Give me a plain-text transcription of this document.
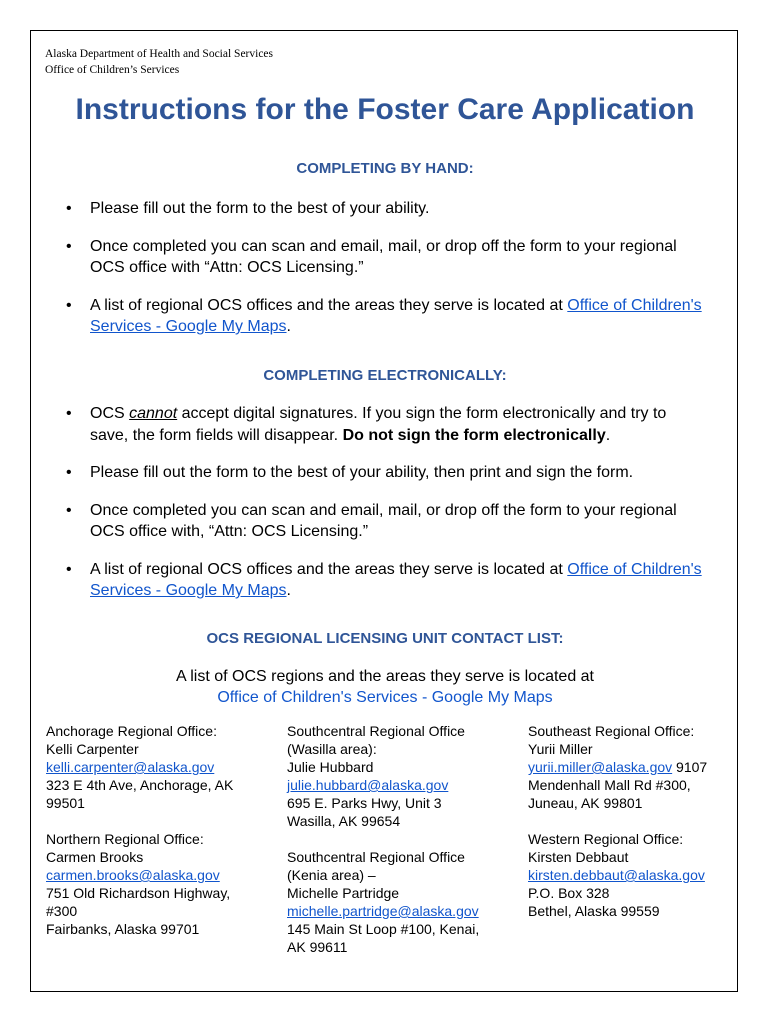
Alaska Department of Health and Social Services
Office of Children’s Services
Instructions for the Foster Care Application
COMPLETING BY HAND:
• Please fill out the form to the best of your ability.
• Once completed you can scan and email, mail, or drop off the form to your regional OCS office with “Attn: OCS Licensing.”
• A list of regional OCS offices and the areas they serve is located at Office of Children's Services - Google My Maps.
COMPLETING ELECTRONICALLY:
• OCS cannot accept digital signatures. If you sign the form electronically and try to save, the form fields will disappear. Do not sign the form electronically.
• Please fill out the form to the best of your ability, then print and sign the form.
• Once completed you can scan and email, mail, or drop off the form to your regional OCS office with, “Attn: OCS Licensing.”
• A list of regional OCS offices and the areas they serve is located at Office of Children's Services - Google My Maps.
OCS REGIONAL LICENSING UNIT CONTACT LIST:
A list of OCS regions and the areas they serve is located at
Office of Children's Services - Google My Maps
Anchorage Regional Office:
Kelli Carpenter
kelli.carpenter@alaska.gov
323 E 4th Ave, Anchorage, AK
99501
Northern Regional Office:
Carmen Brooks
carmen.brooks@alaska.gov
751 Old Richardson Highway,
#300
Fairbanks, Alaska 99701
Southcentral Regional Office
(Wasilla area):
Julie Hubbard
julie.hubbard@alaska.gov
695 E. Parks Hwy, Unit 3
Wasilla, AK 99654
Southcentral Regional Office
(Kenia area) –
Michelle Partridge
michelle.partridge@alaska.gov
145 Main St Loop #100, Kenai,
AK 99611
Southeast Regional Office:
Yurii Miller
yurii.miller@alaska.gov 9107
Mendenhall Mall Rd #300,
Juneau, AK 99801
Western Regional Office:
Kirsten Debbaut
kirsten.debbaut@alaska.gov
P.O. Box 328
Bethel, Alaska 99559
